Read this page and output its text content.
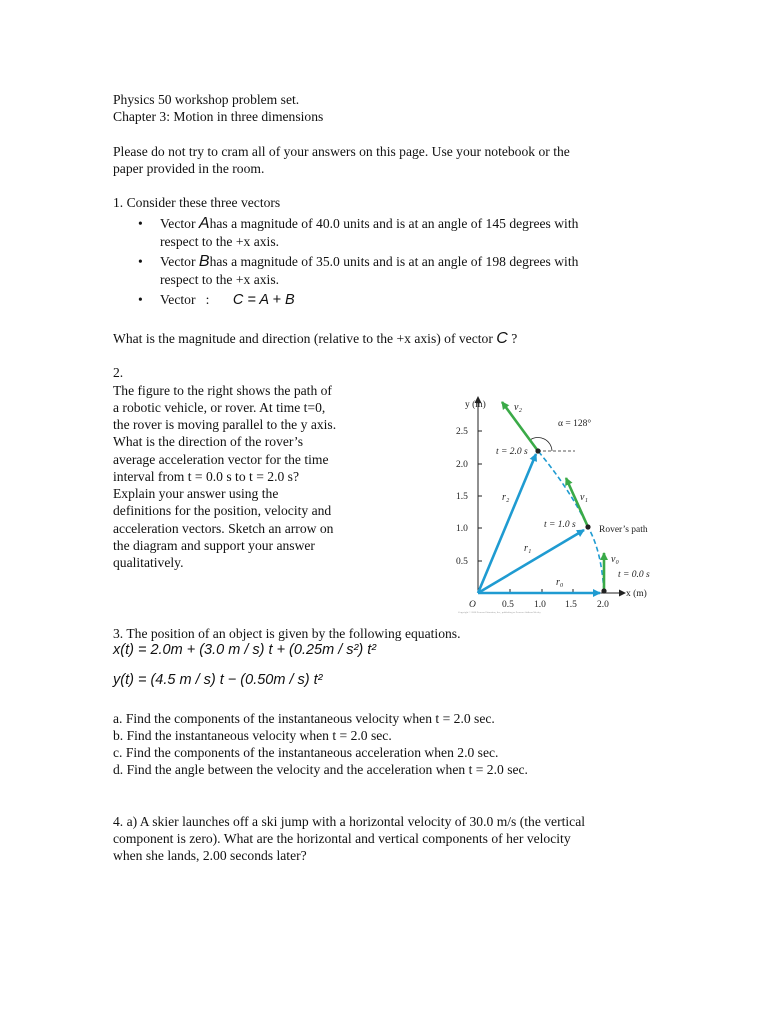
Physics 50 workshop problem set.
Chapter 3: Motion in three dimensions
Please do not try to cram all of your answers on this page. Use your notebook or the
paper provided in the room.
1. Consider these three vectors
• Vector Ahas a magnitude of 40.0 units and is at an angle of 145 degrees with
respect to the +x axis.
• Vector Bhas a magnitude of 35.0 units and is at an angle of 198 degrees with
respect to the +x axis.
• Vector   : C = A + B
What is the magnitude and direction (relative to the +x axis) of vector C ?
2.
The figure to the right shows the path of
a robotic vehicle, or rover. At time t=0,
the rover is moving parallel to the y axis.
What is the direction of the rover’s
average acceleration vector for the time
interval from t = 0.0 s to t = 2.0 s?
Explain your answer using the
definitions for the position, velocity and
acceleration vectors. Sketch an arrow on
the diagram and support your answer
qualitatively.
y (m)
x (m)
2.5
2.0
1.5
1.0
0.5
O	0.5 1.0 1.5 2.0
v₂
v₁
v₀
r₂
r₁
r₀
α = 128°
t = 2.0 s
t = 1.0 s
t = 0.0 s
Rover’s path
Copyright © 2008 Pearson Education, Inc., publishing as Pearson Addison-Wesley
3. The position of an object is given by the following equations.
x(t) = 2.0m + (3.0 m / s) t + (0.25m / s²) t²
y(t) = (4.5 m / s) t − (0.50m / s) t²
a. Find the components of the instantaneous velocity when t = 2.0 sec.
b. Find the instantaneous velocity when t = 2.0 sec.
c. Find the components of the instantaneous acceleration when 2.0 sec.
d. Find the angle between the velocity and the acceleration when t = 2.0 sec.
4. a) A skier launches off a ski jump with a horizontal velocity of 30.0 m/s (the vertical
component is zero). What are the horizontal and vertical components of her velocity
when she lands, 2.00 seconds later?
